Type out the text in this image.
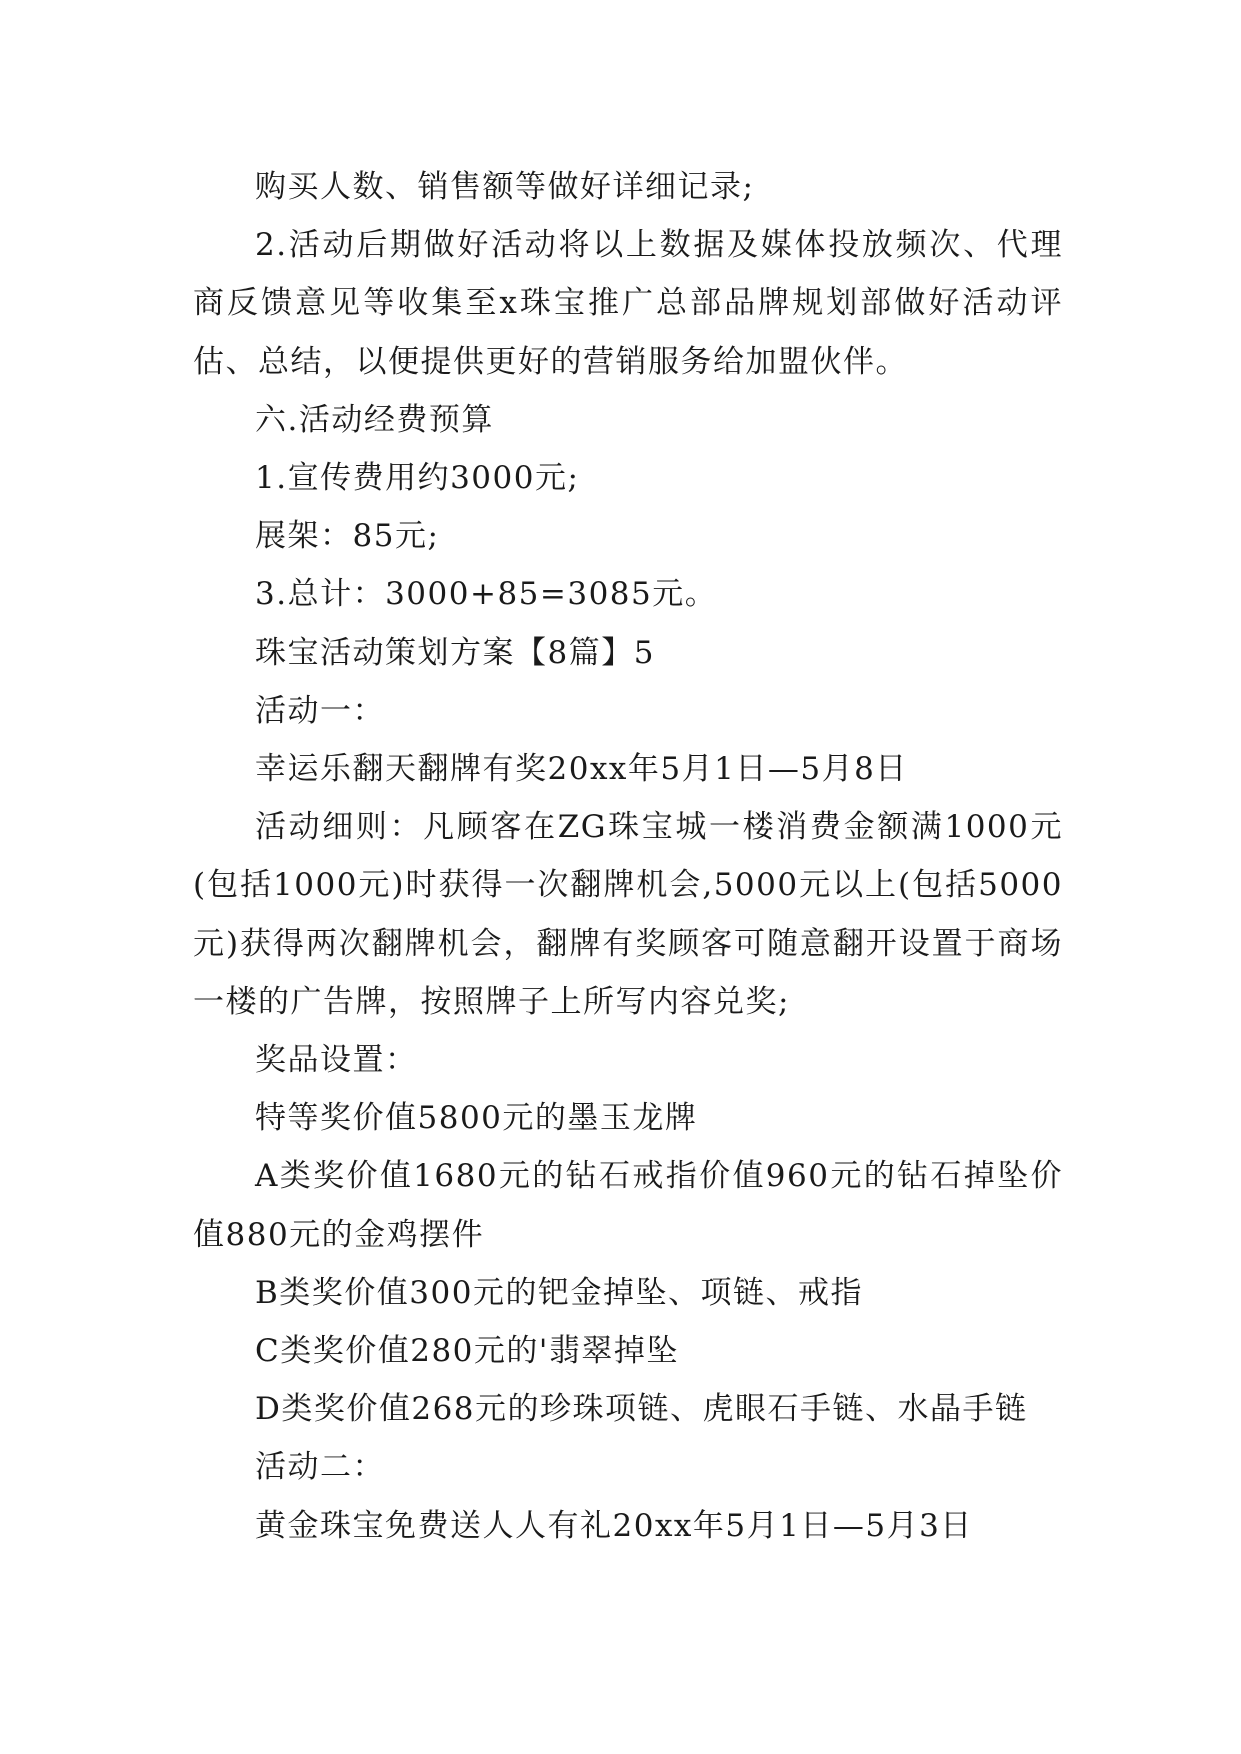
购买人数、销售额等做好详细记录;

2.活动后期做好活动将以上数据及媒体投放频次、代理商反馈意见等收集至x珠宝推广总部品牌规划部做好活动评估、总结，以便提供更好的营销服务给加盟伙伴。

六.活动经费预算

1.宣传费用约3000元;

展架：85元;

3.总计：3000+85=3085元。

珠宝活动策划方案【8篇】5

活动一：

幸运乐翻天翻牌有奖20xx年5月1日—5月8日

活动细则：凡顾客在ZG珠宝城一楼消费金额满1000元(包括1000元)时获得一次翻牌机会,5000元以上(包括5000元)获得两次翻牌机会，翻牌有奖顾客可随意翻开设置于商场一楼的广告牌，按照牌子上所写内容兑奖;

奖品设置：

特等奖价值5800元的墨玉龙牌

A类奖价值1680元的钻石戒指价值960元的钻石掉坠价值880元的金鸡摆件

B类奖价值300元的钯金掉坠、项链、戒指

C类奖价值280元的'翡翠掉坠

D类奖价值268元的珍珠项链、虎眼石手链、水晶手链

活动二：

黄金珠宝免费送人人有礼20xx年5月1日—5月3日
